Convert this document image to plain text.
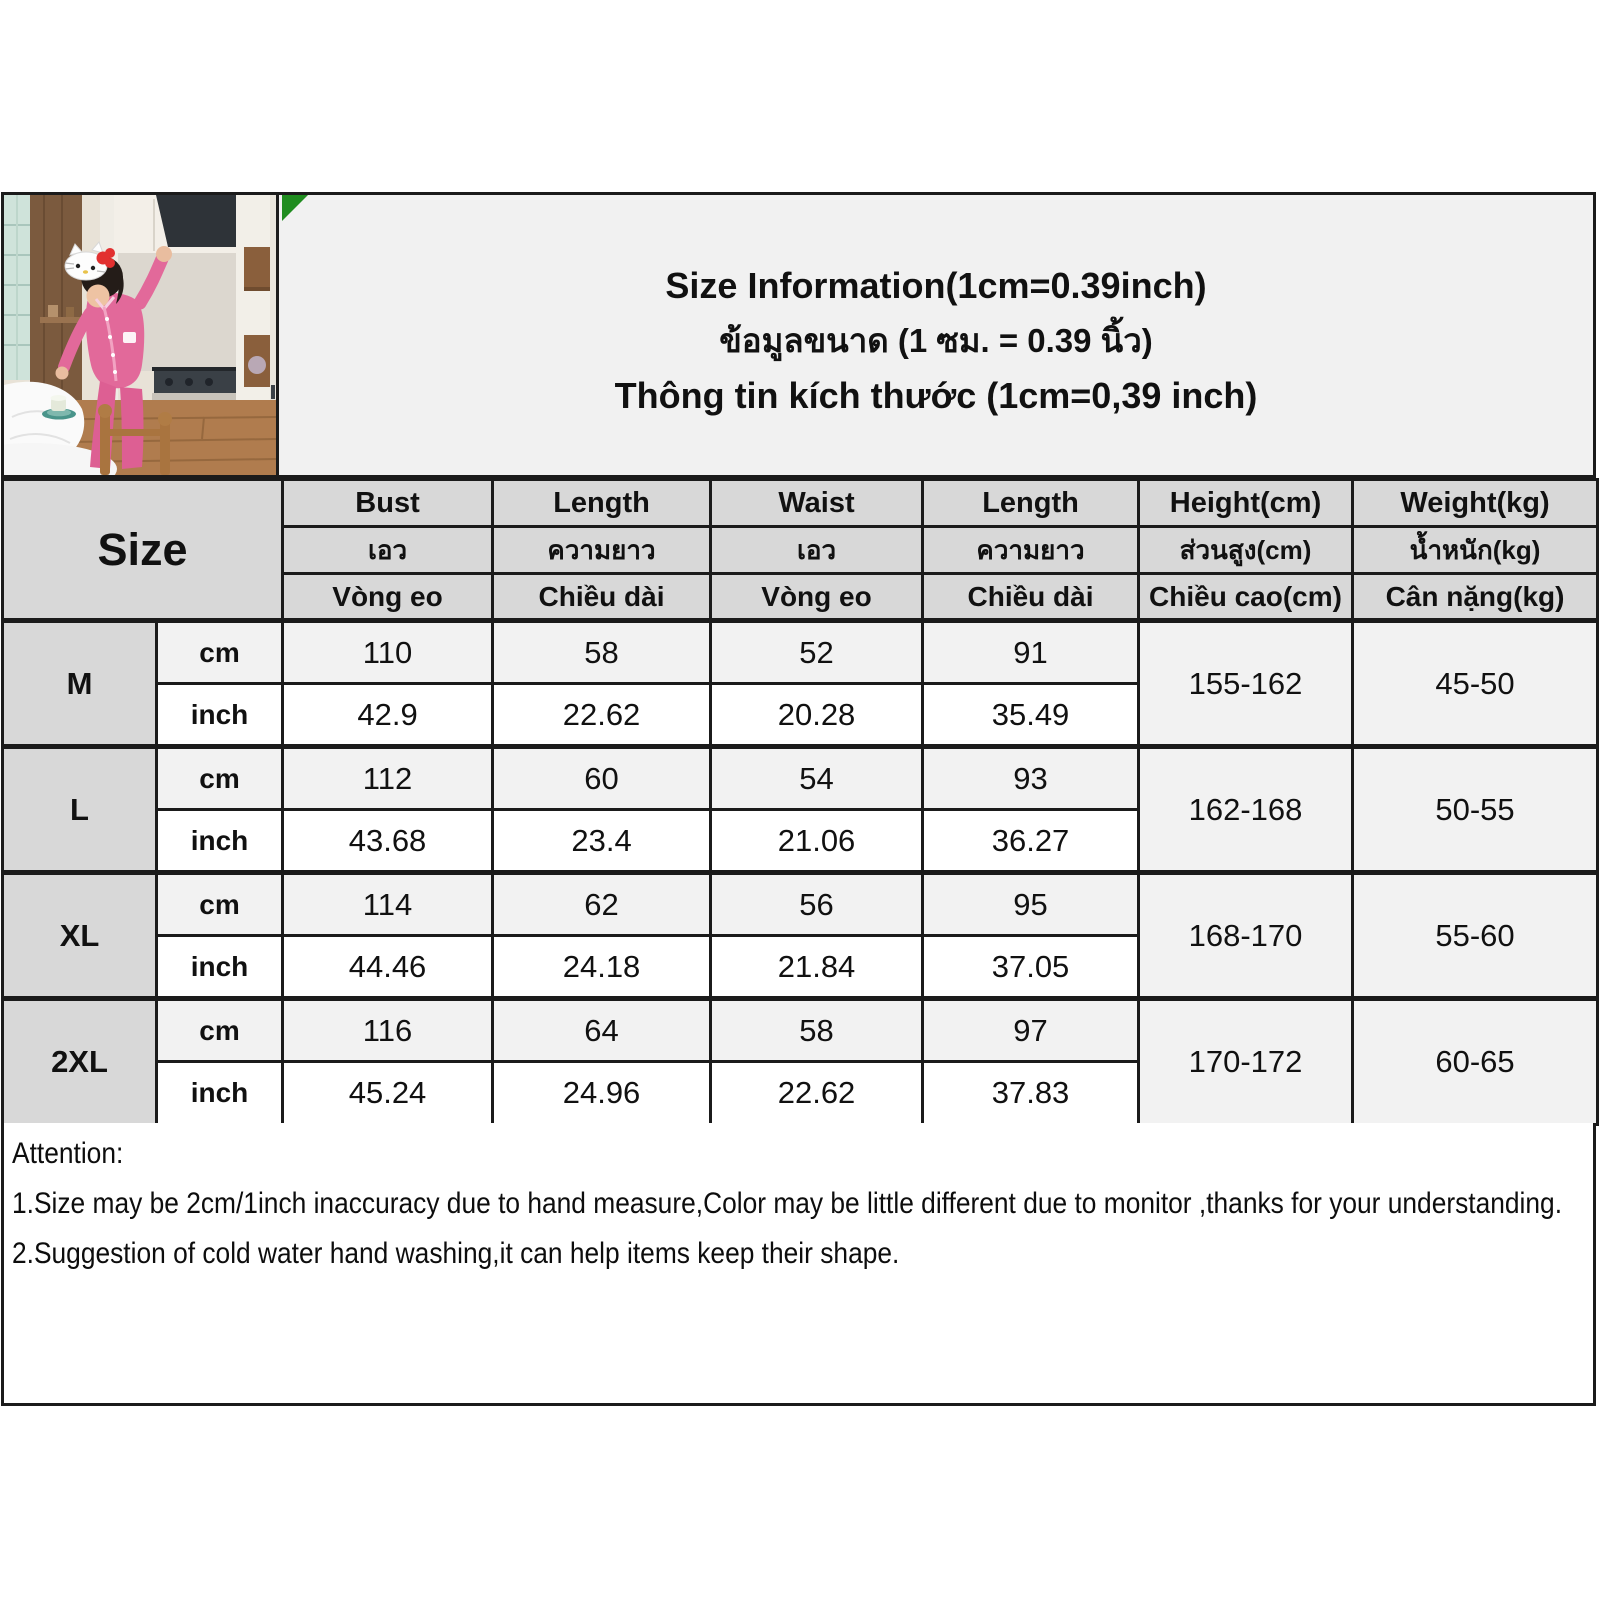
Size Information(1cm=0.39inch)
ข้อมูลขนาด (1 ซม. = 0.39 นิ้ว)
Thông tin kích thước (1cm=0,39 inch)
Size		Bust	Length	Waist	Length	Height(cm)	Weight(kg)
		เอว	ความยาว	เอว	ความยาว	ส่วนสูง(cm)	น้ำหนัก(kg)
		Vòng eo	Chiều dài	Vòng eo	Chiều dài	Chiều cao(cm)	Cân nặng(kg)
M	cm	110	58	52	91	155-162	45-50
	inch	42.9	22.62	20.28	35.49		
L	cm	112	60	54	93	162-168	50-55
	inch	43.68	23.4	21.06	36.27		
XL	cm	114	62	56	95	168-170	55-60
	inch	44.46	24.18	21.84	37.05		
2XL	cm	116	64	58	97	170-172	60-65
	inch	45.24	24.96	22.62	37.83		
Attention:
1.Size may be 2cm/1inch inaccuracy due to hand measure,Color may be little different due to monitor ,thanks for your understanding.
2.Suggestion of cold water hand washing,it can help items keep their shape.
